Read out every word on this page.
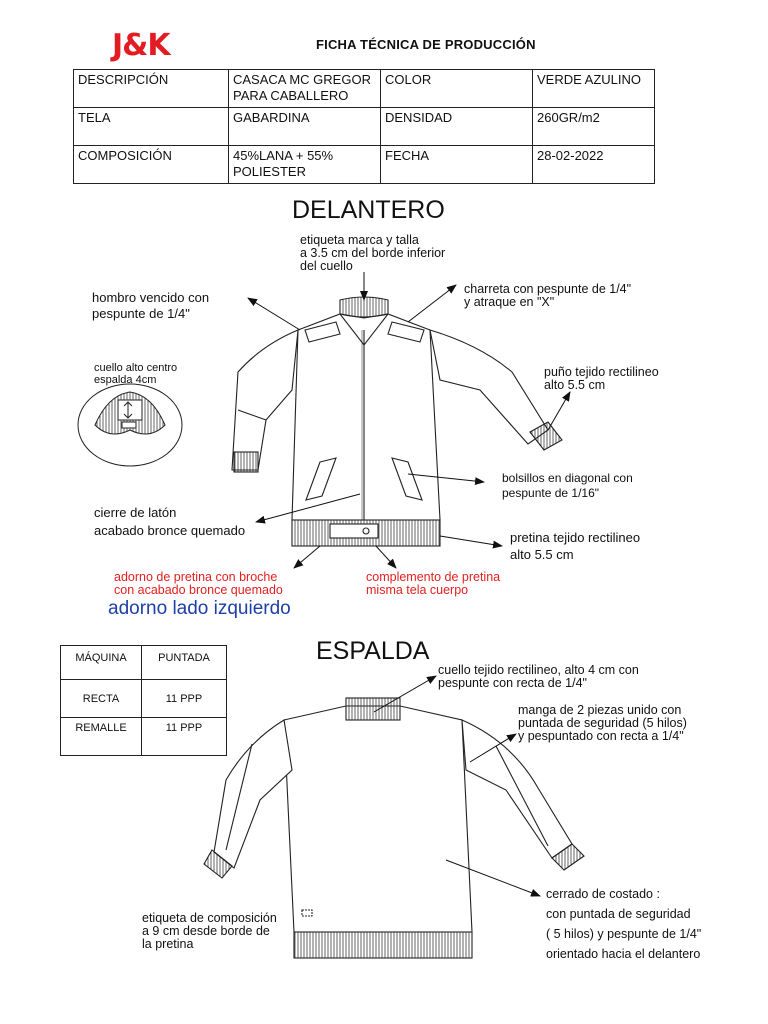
J&K	FICHA TÉCNICA DE PRODUCCIÓN
DESCRIPCIÓN	CASACA MC GREGOR PARA CABALLERO	COLOR	VERDE AZULINO
TELA	GABARDINA	DENSIDAD	260GR/m2
COMPOSICIÓN	45%LANA + 55% POLIESTER	FECHA	28-02-2022
DELANTERO
etiqueta marca y talla
a 3.5 cm del borde inferior
del cuello
hombro vencido con
pespunte de 1/4"
charreta con pespunte de 1/4"
y atraque en "X"
cuello alto centro
espalda 4cm
puño tejido rectilineo
alto 5.5 cm
bolsillos en diagonal con
pespunte de 1/16"
cierre de latón
acabado bronce quemado	pretina tejido rectilineo
alto 5.5 cm
adorno de pretina con broche
con acabado bronce quemado
complemento de pretina
misma tela cuerpo
adorno lado izquierdo
MÁQUINA	PUNTADA
RECTA	11 PPP
REMALLE	11 PPP
ESPALDA
cuello tejido rectilineo, alto 4 cm con
pespunte con recta de 1/4"
manga de 2 piezas unido con
puntada de seguridad (5 hilos)
y pespuntado con recta a 1/4"
cerrado de costado :
con puntada de seguridad
( 5 hilos) y pespunte de 1/4"
orientado hacia el delantero
etiqueta de composición
a 9 cm desde borde de
la pretina
